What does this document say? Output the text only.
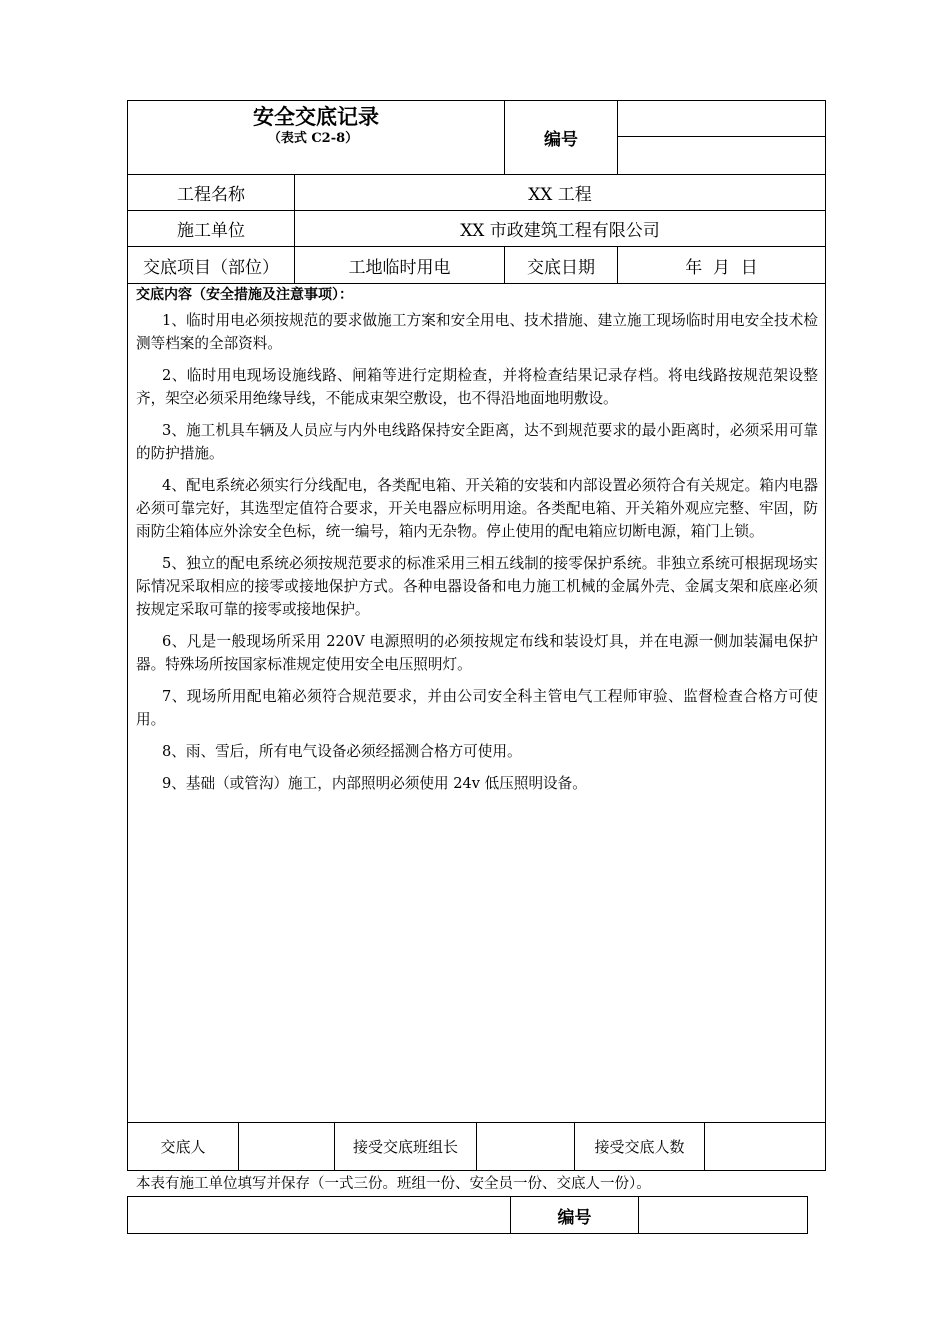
安全交底记录
（表式 C2-8）	编号
工程名称	XX 工程
施工单位	XX 市政建筑工程有限公司
交底项目（部位）	工地临时用电	交底日期	年  月  日
交底内容（安全措施及注意事项）：

1、临时用电必须按规范的要求做施工方案和安全用电、技术措施、建立施工现场临时用电安全技术检测等档案的全部资料。

2、临时用电现场设施线路、闸箱等进行定期检查，并将检查结果记录存档。将电线路按规范架设整齐，架空必须采用绝缘导线，不能成束架空敷设，也不得沿地面地明敷设。

3、施工机具车辆及人员应与内外电线路保持安全距离，达不到规范要求的最小距离时，必须采用可靠的防护措施。

4、配电系统必须实行分线配电，各类配电箱、开关箱的安装和内部设置必须符合有关规定。箱内电器必须可靠完好，其选型定值符合要求，开关电器应标明用途。各类配电箱、开关箱外观应完整、牢固，防雨防尘箱体应外涂安全色标，统一编号，箱内无杂物。停止使用的配电箱应切断电源，箱门上锁。

5、独立的配电系统必须按规范要求的标准采用三相五线制的接零保护系统。非独立系统可根据现场实际情况采取相应的接零或接地保护方式。各种电器设备和电力施工机械的金属外壳、金属支架和底座必须按规定采取可靠的接零或接地保护。

6、凡是一般现场所采用 220V 电源照明的必须按规定布线和装设灯具，并在电源一侧加装漏电保护器。特殊场所按国家标准规定使用安全电压照明灯。

7、现场所用配电箱必须符合规范要求，并由公司安全科主管电气工程师审验、监督检查合格方可使用。

8、雨、雪后，所有电气设备必须经摇测合格方可使用。

9、基础（或管沟）施工，内部照明必须使用 24v 低压照明设备。

交底人	接受交底班组长	接受交底人数
本表有施工单位填写并保存（一式三份。班组一份、安全员一份、交底人一份）。
编号
